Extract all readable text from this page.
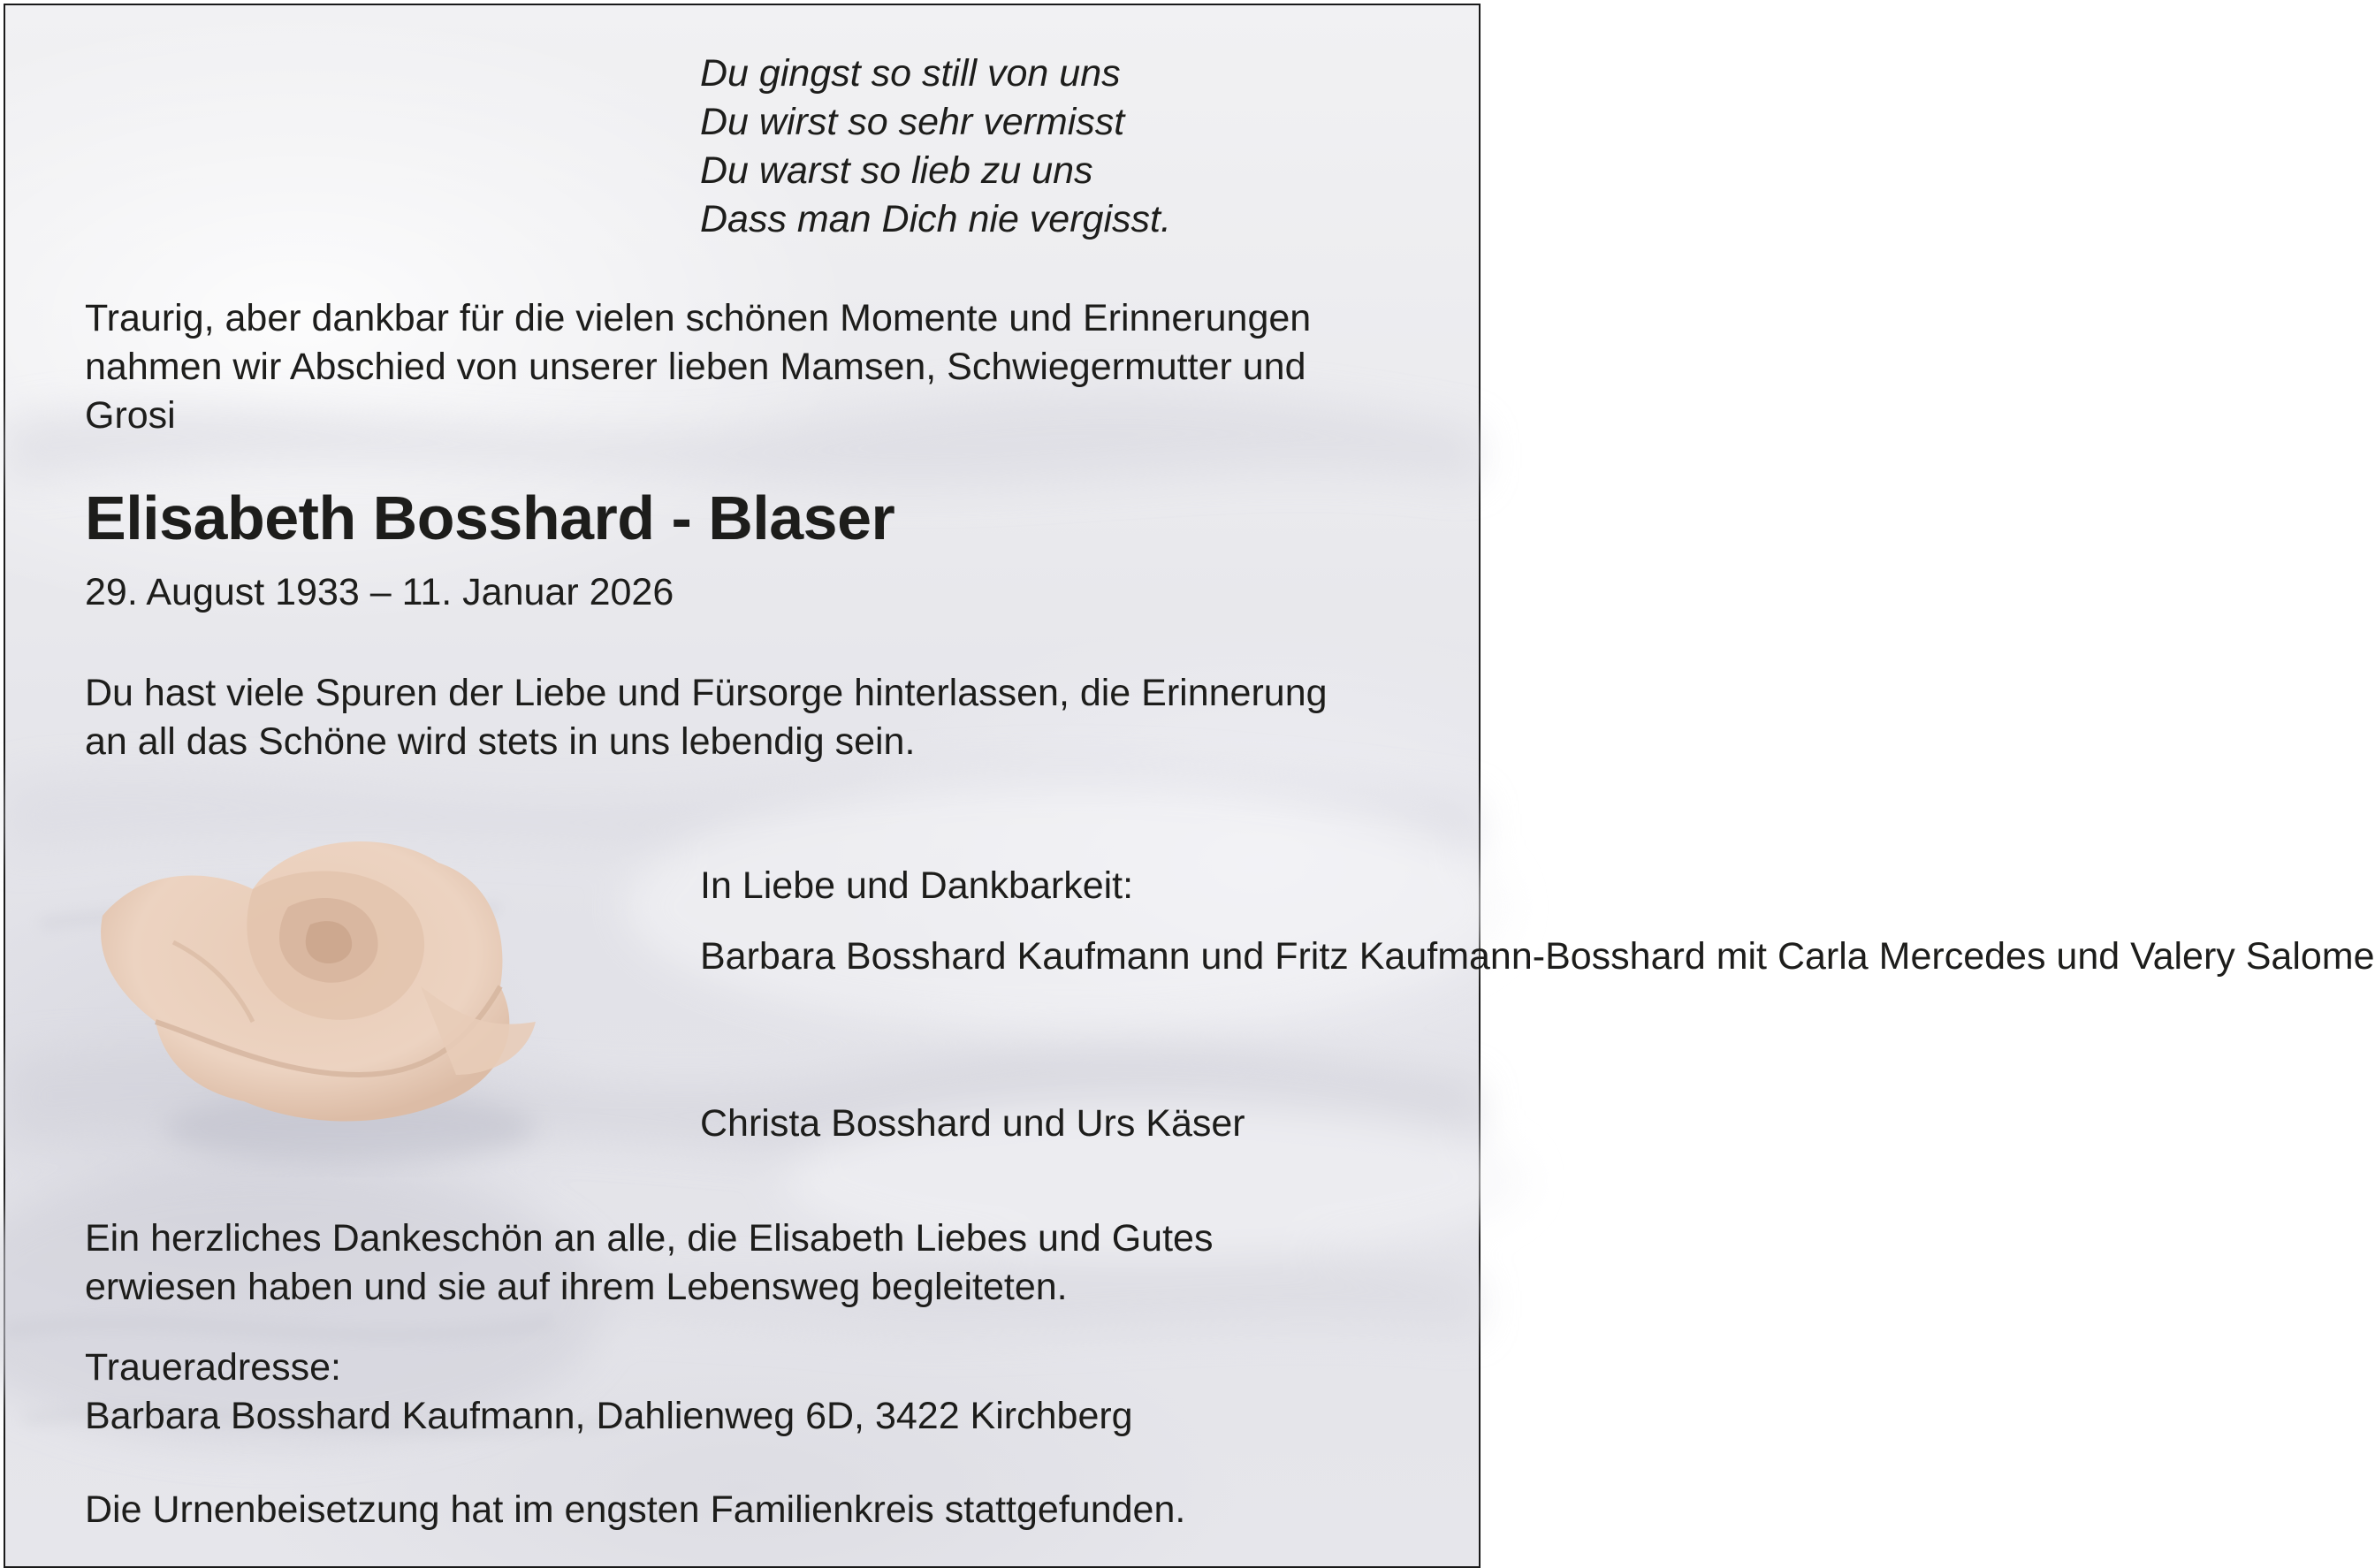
Du gingst so still von uns
Du wirst so sehr vermisst
Du warst so lieb zu uns
Dass man Dich nie vergisst.

Traurig, aber dankbar für die vielen schönen Momente und Erinnerungen
nahmen wir Abschied von unserer lieben Mamsen, Schwiegermutter und
Grosi

Elisabeth Bosshard - Blaser

29. August 1933 – 11. Januar 2026

Du hast viele Spuren der Liebe und Fürsorge hinterlassen, die Erinnerung
an all das Schöne wird stets in uns lebendig sein.

In Liebe und Dankbarkeit:

Barbara Bosshard Kaufmann und Fritz Kaufmann-Bosshard mit Carla Mercedes und Valery Salome

Christa Bosshard und Urs Käser

Ein herzliches Dankeschön an alle, die Elisabeth Liebes und Gutes
erwiesen haben und sie auf ihrem Lebensweg begleiteten.

Traueradresse:

Barbara Bosshard Kaufmann, Dahlienweg 6D, 3422 Kirchberg

Die Urnenbeisetzung hat im engsten Familienkreis stattgefunden.
